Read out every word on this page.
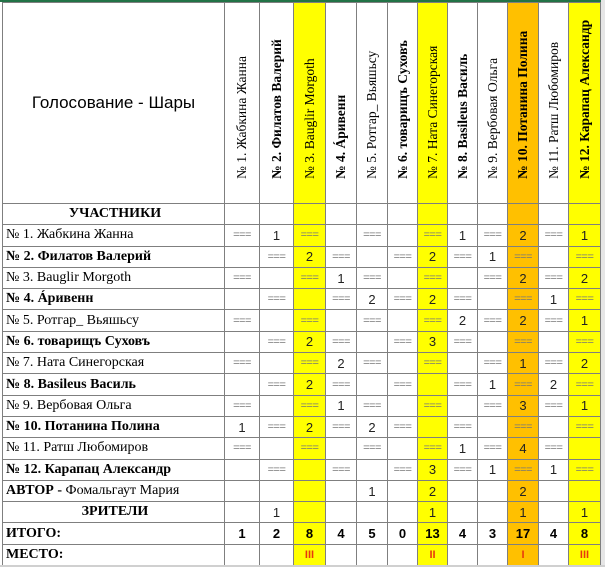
Голосование - Шары	№ 1. Жабкина Жанна	№ 2. Филатов Валерий	№ 3. Bauglir Morgoth	№ 4. Áривенн	№ 5. Ротгар_ Вьяшьсу	№ 6. товарищъ Суховъ	№ 7. Ната Синегорская	№ 8. Basileus Василь	№ 9. Вербовая Ольга	№ 10. Потанина Полина	№ 11. Ратш Любомиров	№ 12. Карапац Александр

УЧАСТНИКИ												
№ 1. Жабкина Жанна	===	1	===		===		===	1	===	2	===	1
№ 2. Филатов Валерий		===	2	===		===	2	===	1	===		===
№ 3. Bauglir Morgoth	===		===	1	===		===		===	2	===	2
№ 4. Áривенн		===		===	2	===	2	===		===	1	===
№ 5. Ротгар_ Вьяшьсу	===		===		===		===	2	===	2	===	1
№ 6. товарищъ Суховъ		===	2	===		===	3	===		===		===
№ 7. Ната Синегорская	===		===	2	===		===		===	1	===	2
№ 8. Basileus Василь		===	2	===		===		===	1	===	2	===
№ 9. Вербовая Ольга	===		===	1	===		===		===	3	===	1
№ 10. Потанина Полина	1	===	2	===	2	===		===		===		===
№ 11. Ратш Любомиров	===		===		===		===	1	===	4	===	
№ 12. Карапац Александр		===		===		===	3	===	1	===	1	===
АВТОР - Фомальгаут Мария					1		2			2		
ЗРИТЕЛИ		1					1			1		1
ИТОГО:	1	2	8	4	5	0	13	4	3	17	4	8
МЕСТО:			III				II			I		III
